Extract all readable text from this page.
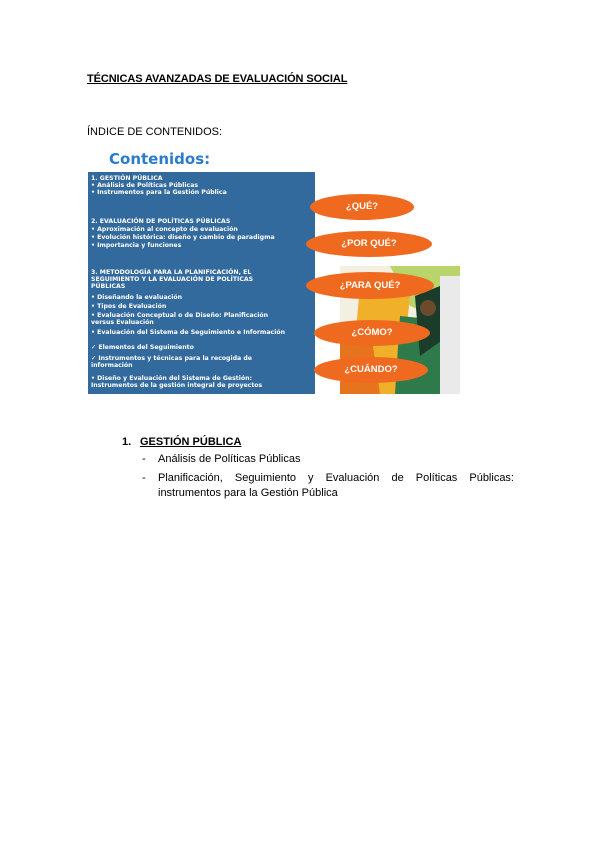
TÉCNICAS AVANZADAS DE EVALUACIÓN SOCIAL
ÍNDICE DE CONTENIDOS:
Contenidos:
1. GESTIÓN PÚBLICA
• Análisis de Políticas Públicas
• Instrumentos para la Gestión Pública
2. EVALUACIÓN DE POLÍTICAS PÚBLICAS
• Aproximación al concepto de evaluación
• Evolución histórica: diseño y cambio de paradigma
• Importancia y funciones
3. METODOLOGÍA PARA LA PLANIFICACIÓN, EL
SEGUIMIENTO Y LA EVALUACIÓN DE POLÍTICAS
PÚBLICAS
• Diseñando la evaluación
• Tipos de Evaluación
• Evaluación Conceptual o de Diseño: Planificación
versus Evaluación
• Evaluación del Sistema de Seguimiento e Información
✓ Elementos del Seguimiento
✓ Instrumentos y técnicas para la recogida de
información
• Diseño y Evaluación del Sistema de Gestión:
Instrumentos de la gestión integral de proyectos
¿QUÉ?
¿POR QUÉ?
¿PARA QUÉ?
¿CÓMO?
¿CUÁNDO?
1. GESTIÓN PÚBLICA
- Análisis de Políticas Públicas
- Planificación, Seguimiento y Evaluación de Políticas Públicas: instrumentos para la Gestión Pública
